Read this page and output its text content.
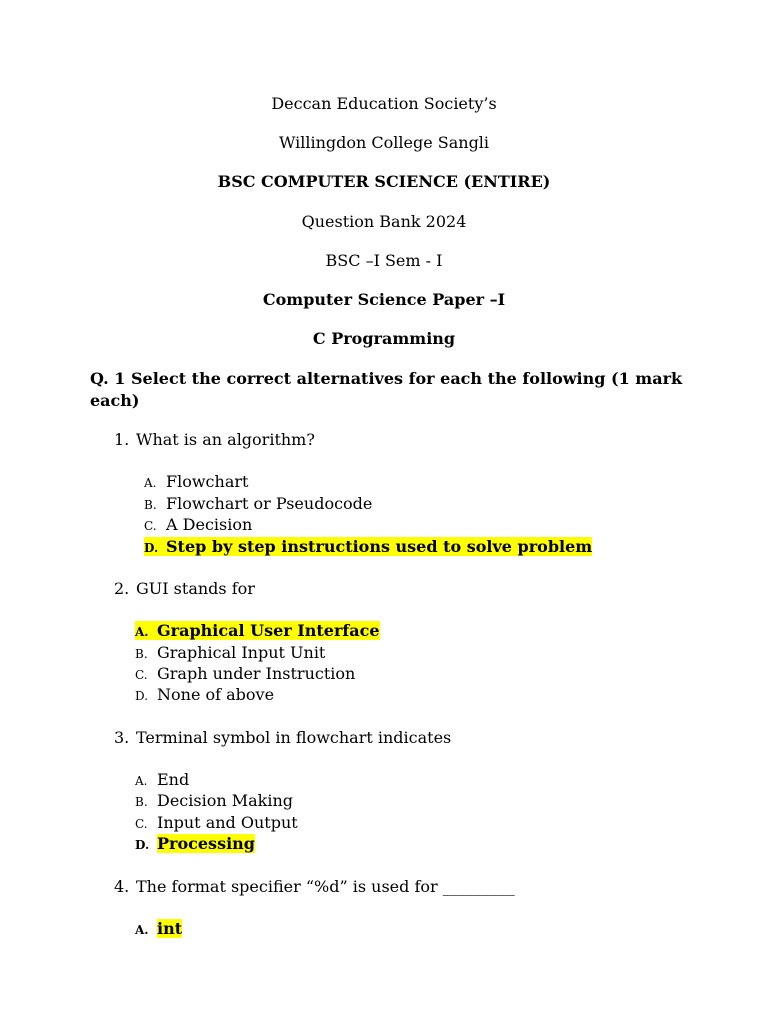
Deccan Education Society’s
Willingdon College Sangli
BSC COMPUTER SCIENCE (ENTIRE)
Question Bank 2024
BSC –I Sem - I
Computer Science Paper –I
C Programming
Q. 1 Select the correct alternatives for each the following (1 mark each)
1. What is an algorithm?
A. Flowchart
B. Flowchart or Pseudocode
C. A Decision
D. Step by step instructions used to solve problem
2. GUI stands for
A. Graphical User Interface
B. Graphical Input Unit
C. Graph under Instruction
D. None of above
3. Terminal symbol in flowchart indicates
A. End
B. Decision Making
C. Input and Output
D. Processing
4. The format specifier “%d” is used for _________
A. int
